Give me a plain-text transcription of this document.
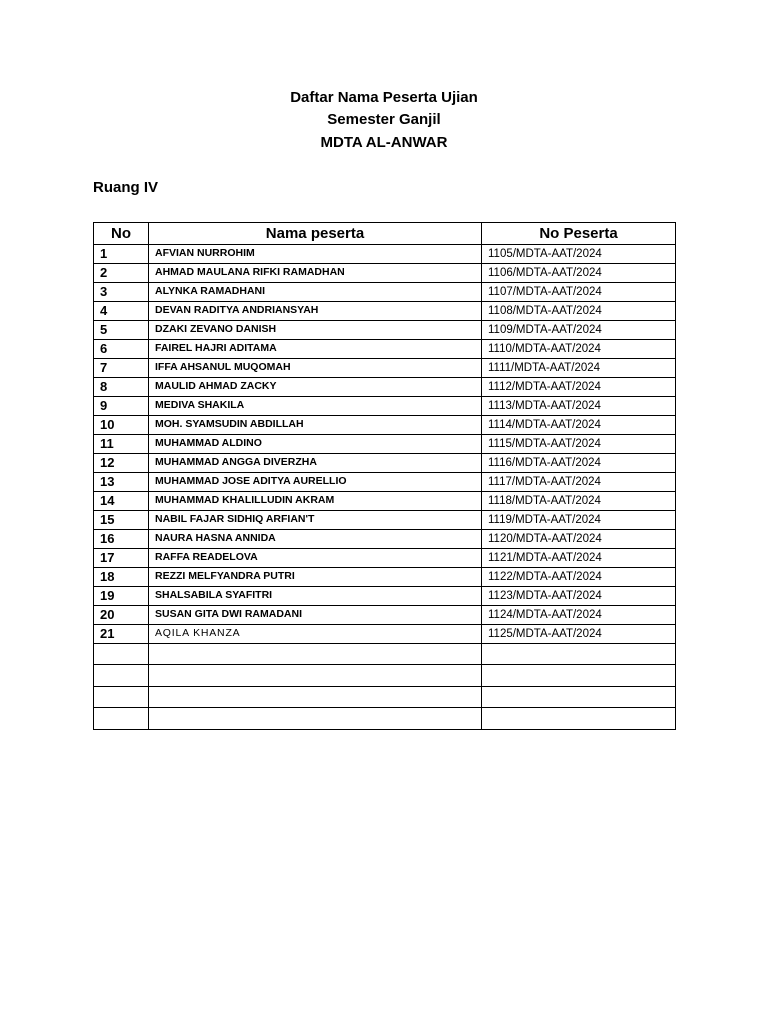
Daftar Nama Peserta Ujian
Semester Ganjil
MDTA AL-ANWAR
Ruang IV
No	Nama peserta	No Peserta
1	AFVIAN NURROHIM	1105/MDTA-AAT/2024
2	AHMAD MAULANA RIFKI RAMADHAN	1106/MDTA-AAT/2024
3	ALYNKA RAMADHANI	1107/MDTA-AAT/2024
4	DEVAN RADITYA ANDRIANSYAH	1108/MDTA-AAT/2024
5	DZAKI ZEVANO DANISH	1109/MDTA-AAT/2024
6	FAIREL HAJRI ADITAMA	1110/MDTA-AAT/2024
7	IFFA AHSANUL MUQOMAH	1111/MDTA-AAT/2024
8	MAULID AHMAD ZACKY	1112/MDTA-AAT/2024
9	MEDIVA SHAKILA	1113/MDTA-AAT/2024
10	MOH. SYAMSUDIN ABDILLAH	1114/MDTA-AAT/2024
11	MUHAMMAD ALDINO	1115/MDTA-AAT/2024
12	MUHAMMAD ANGGA DIVERZHA	1116/MDTA-AAT/2024
13	MUHAMMAD JOSE ADITYA AURELLIO	1117/MDTA-AAT/2024
14	MUHAMMAD KHALILLUDIN AKRAM	1118/MDTA-AAT/2024
15	NABIL FAJAR SIDHIQ ARFIAN'T	1119/MDTA-AAT/2024
16	NAURA HASNA ANNIDA	1120/MDTA-AAT/2024
17	RAFFA READELOVA	1121/MDTA-AAT/2024
18	REZZI MELFYANDRA PUTRI	1122/MDTA-AAT/2024
19	SHALSABILA SYAFITRI	1123/MDTA-AAT/2024
20	SUSAN GITA DWI RAMADANI	1124/MDTA-AAT/2024
21	AQILA KHANZA	1125/MDTA-AAT/2024
